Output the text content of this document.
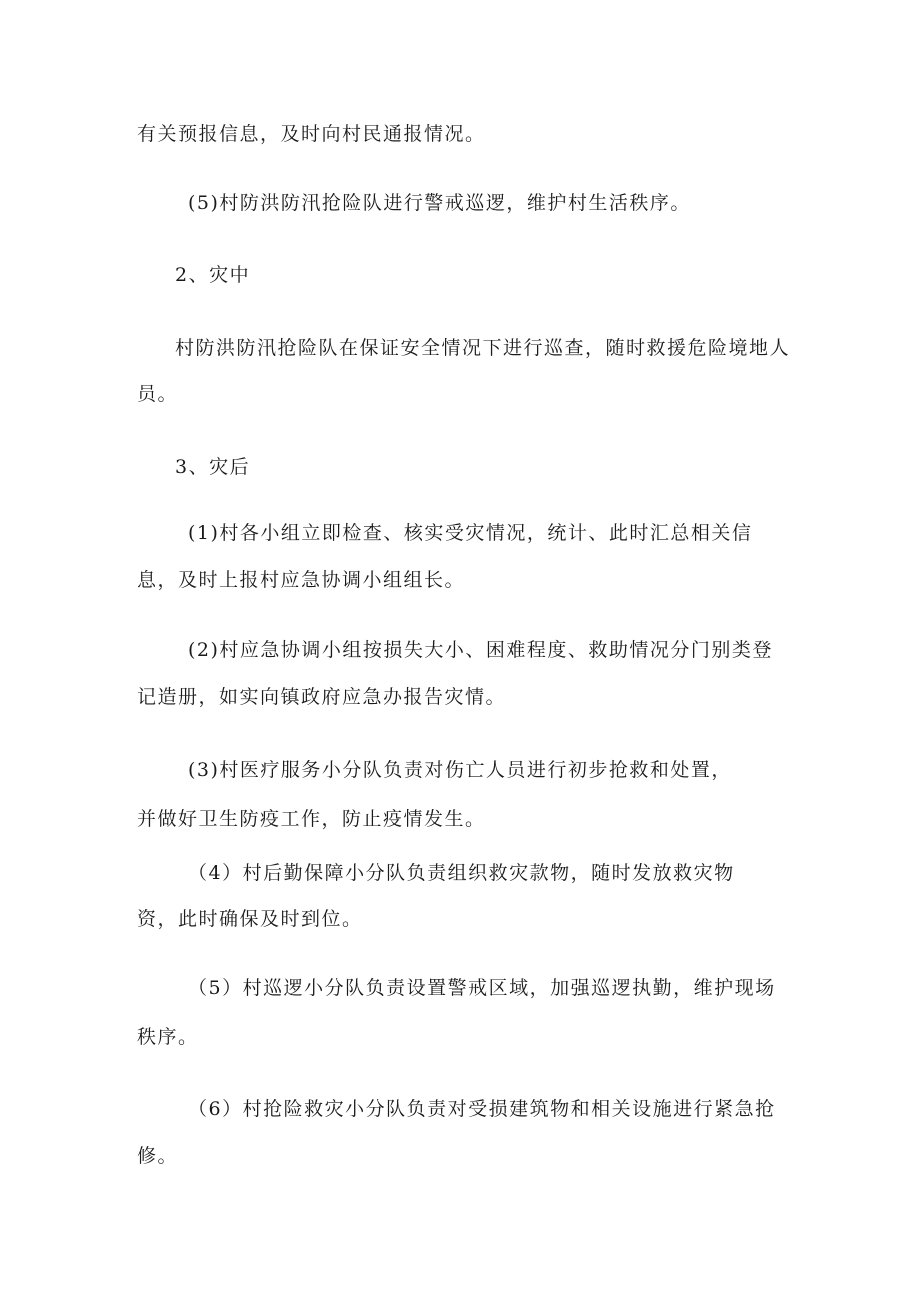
有关预报信息，及时向村民通报情况。
(5)村防洪防汛抢险队进行警戒巡逻，维护村生活秩序。
2、灾中
村防洪防汛抢险队在保证安全情况下进行巡查，随时救援危险境地人
员。
3、灾后
(1)村各小组立即检查、核实受灾情况，统计、此时汇总相关信
息，及时上报村应急协调小组组长。
(2)村应急协调小组按损失大小、困难程度、救助情况分门别类登
记造册，如实向镇政府应急办报告灾情。
(3)村医疗服务小分队负责对伤亡人员进行初步抢救和处置，
并做好卫生防疫工作，防止疫情发生。
（4）村后勤保障小分队负责组织救灾款物，随时发放救灾物
资，此时确保及时到位。
（5）村巡逻小分队负责设置警戒区域，加强巡逻执勤，维护现场
秩序。
（6）村抢险救灾小分队负责对受损建筑物和相关设施进行紧急抢
修。
